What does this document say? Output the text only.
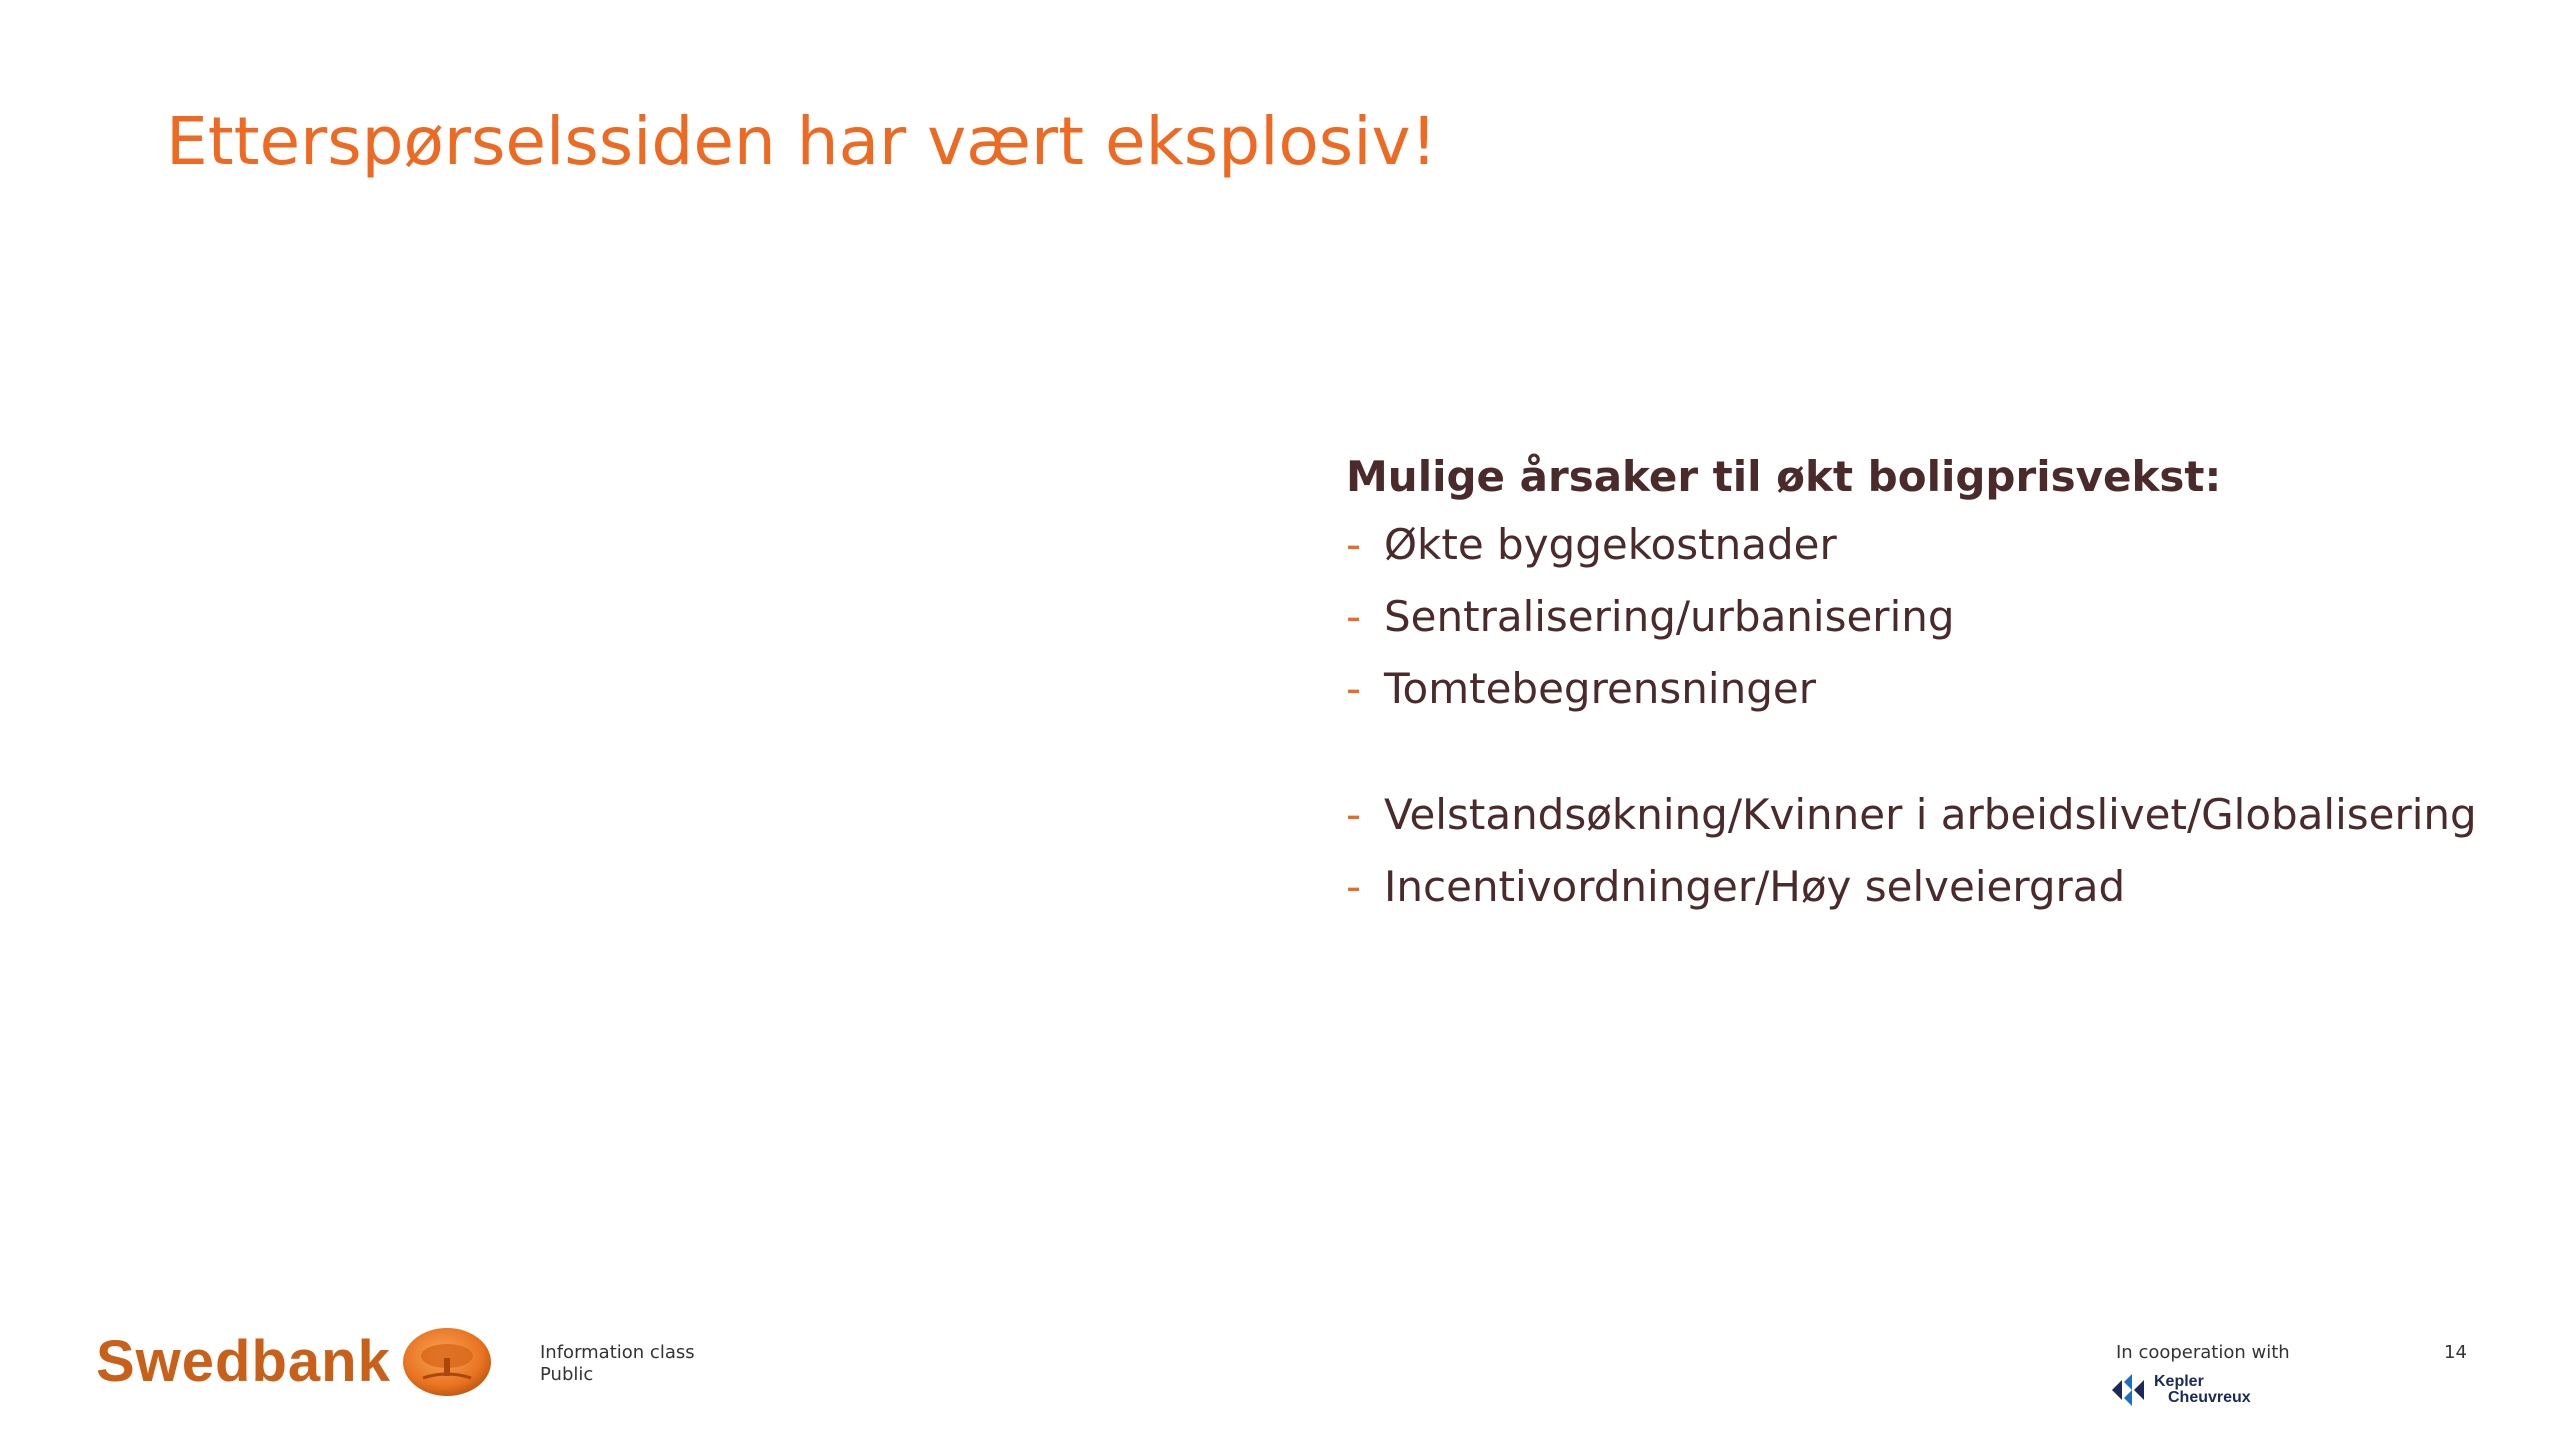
Etterspørselssiden har vært eksplosiv!

Mulige årsaker til økt boligprisvekst:

- Økte byggekostnader
- Sentralisering/urbanisering
- Tomtebegrensninger
- Velstandsøkning/Kvinner i arbeidslivet/Globalisering
- Incentivordninger/Høy selveiergrad
Swedbank	Information class
Public
In cooperation with
Kepler
Cheuvreux
14
